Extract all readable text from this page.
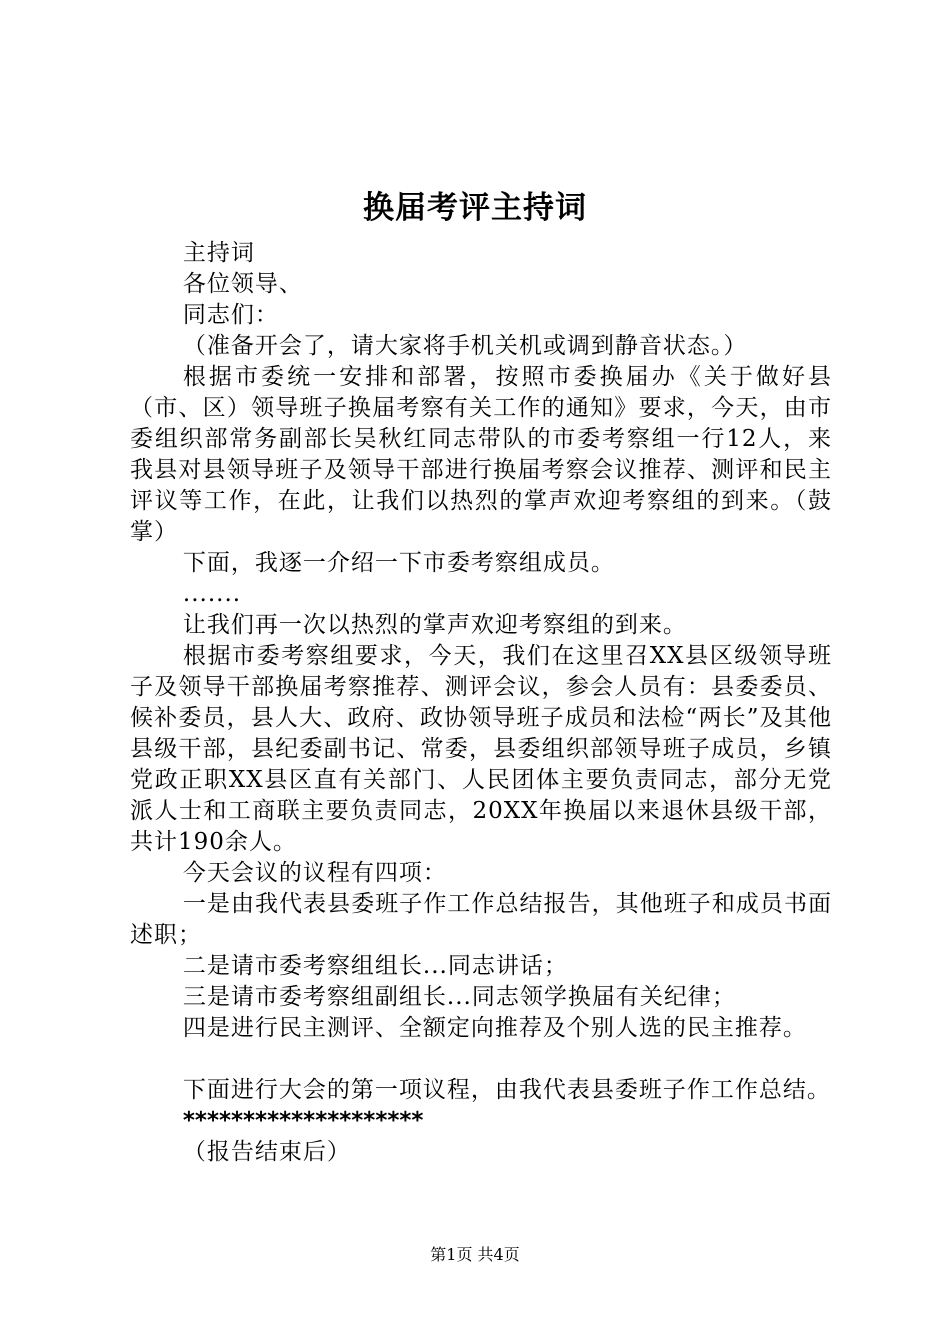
换届考评主持词

主持词

各位领导、

同志们：

（准备开会了，请大家将手机关机或调到静音状态。）

根据市委统一安排和部署，按照市委换届办《关于做好县（市、区）领导班子换届考察有关工作的通知》要求，今天，由市委组织部常务副部长吴秋红同志带队的市委考察组一行12人，来我县对县领导班子及领导干部进行换届考察会议推荐、测评和民主评议等工作，在此，让我们以热烈的掌声欢迎考察组的到来。（鼓掌）

下面，我逐一介绍一下市委考察组成员。

.......

让我们再一次以热烈的掌声欢迎考察组的到来。

根据市委考察组要求，今天，我们在这里召XX县区级领导班子及领导干部换届考察推荐、测评会议，参会人员有：县委委员、候补委员，县人大、政府、政协领导班子成员和法检“两长”及其他县级干部，县纪委副书记、常委，县委组织部领导班子成员，乡镇党政正职XX县区直有关部门、人民团体主要负责同志，部分无党派人士和工商联主要负责同志，20XX年换届以来退休县级干部，共计190余人。

今天会议的议程有四项：

一是由我代表县委班子作工作总结报告，其他班子和成员书面述职；

二是请市委考察组组长...同志讲话；

三是请市委考察组副组长...同志领学换届有关纪律；

四是进行民主测评、全额定向推荐及个别人选的民主推荐。

下面进行大会的第一项议程，由我代表县委班子作工作总结。

********************

（报告结束后）

第1页 共4页
